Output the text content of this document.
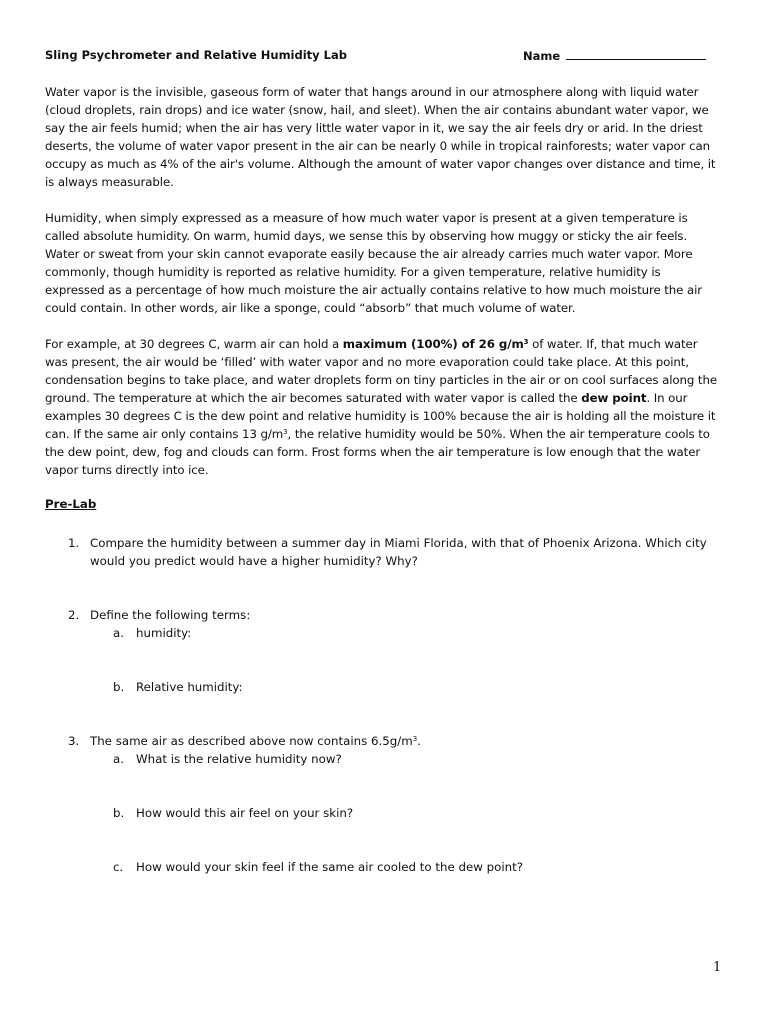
Sling Psychrometer and Relative Humidity Lab	Name

Water vapor is the invisible, gaseous form of water that hangs around in our atmosphere along with liquid water (cloud droplets, rain drops) and ice water (snow, hail, and sleet). When the air contains abundant water vapor, we say the air feels humid; when the air has very little water vapor in it, we say the air feels dry or arid. In the driest deserts, the volume of water vapor present in the air can be nearly 0 while in tropical rainforests; water vapor can occupy as much as 4% of the air's volume. Although the amount of water vapor changes over distance and time, it is always measurable.

Humidity, when simply expressed as a measure of how much water vapor is present at a given temperature is called absolute humidity. On warm, humid days, we sense this by observing how muggy or sticky the air feels. Water or sweat from your skin cannot evaporate easily because the air already carries much water vapor. More commonly, though humidity is reported as relative humidity. For a given temperature, relative humidity is expressed as a percentage of how much moisture the air actually contains relative to how much moisture the air could contain. In other words, air like a sponge, could “absorb” that much volume of water.

For example, at 30 degrees C, warm air can hold a maximum (100%) of 26 $g/m^3$ of water. If, that much water was present, the air would be ‘filled’ with water vapor and no more evaporation could take place. At this point, condensation begins to take place, and water droplets form on tiny particles in the air or on cool surfaces along the ground. The temperature at which the air becomes saturated with water vapor is called the dew point. In our examples 30 degrees C is the dew point and relative humidity is 100% because the air is holding all the moisture it can. If the same air only contains 13 $g/m^3$, the relative humidity would be 50%. When the air temperature cools to the dew point, dew, fog and clouds can form. Frost forms when the air temperature is low enough that the water vapor turns directly into ice.

Pre-Lab
1. Compare the humidity between a summer day in Miami Florida, with that of Phoenix Arizona. Which city would you predict would have a higher humidity? Why?
2. Define the following terms:
a. humidity:
b. Relative humidity:
3. The same air as described above now contains $6.5g/m^3$.
a. What is the relative humidity now?
b. How would this air feel on your skin?
c. How would your skin feel if the same air cooled to the dew point?
1
